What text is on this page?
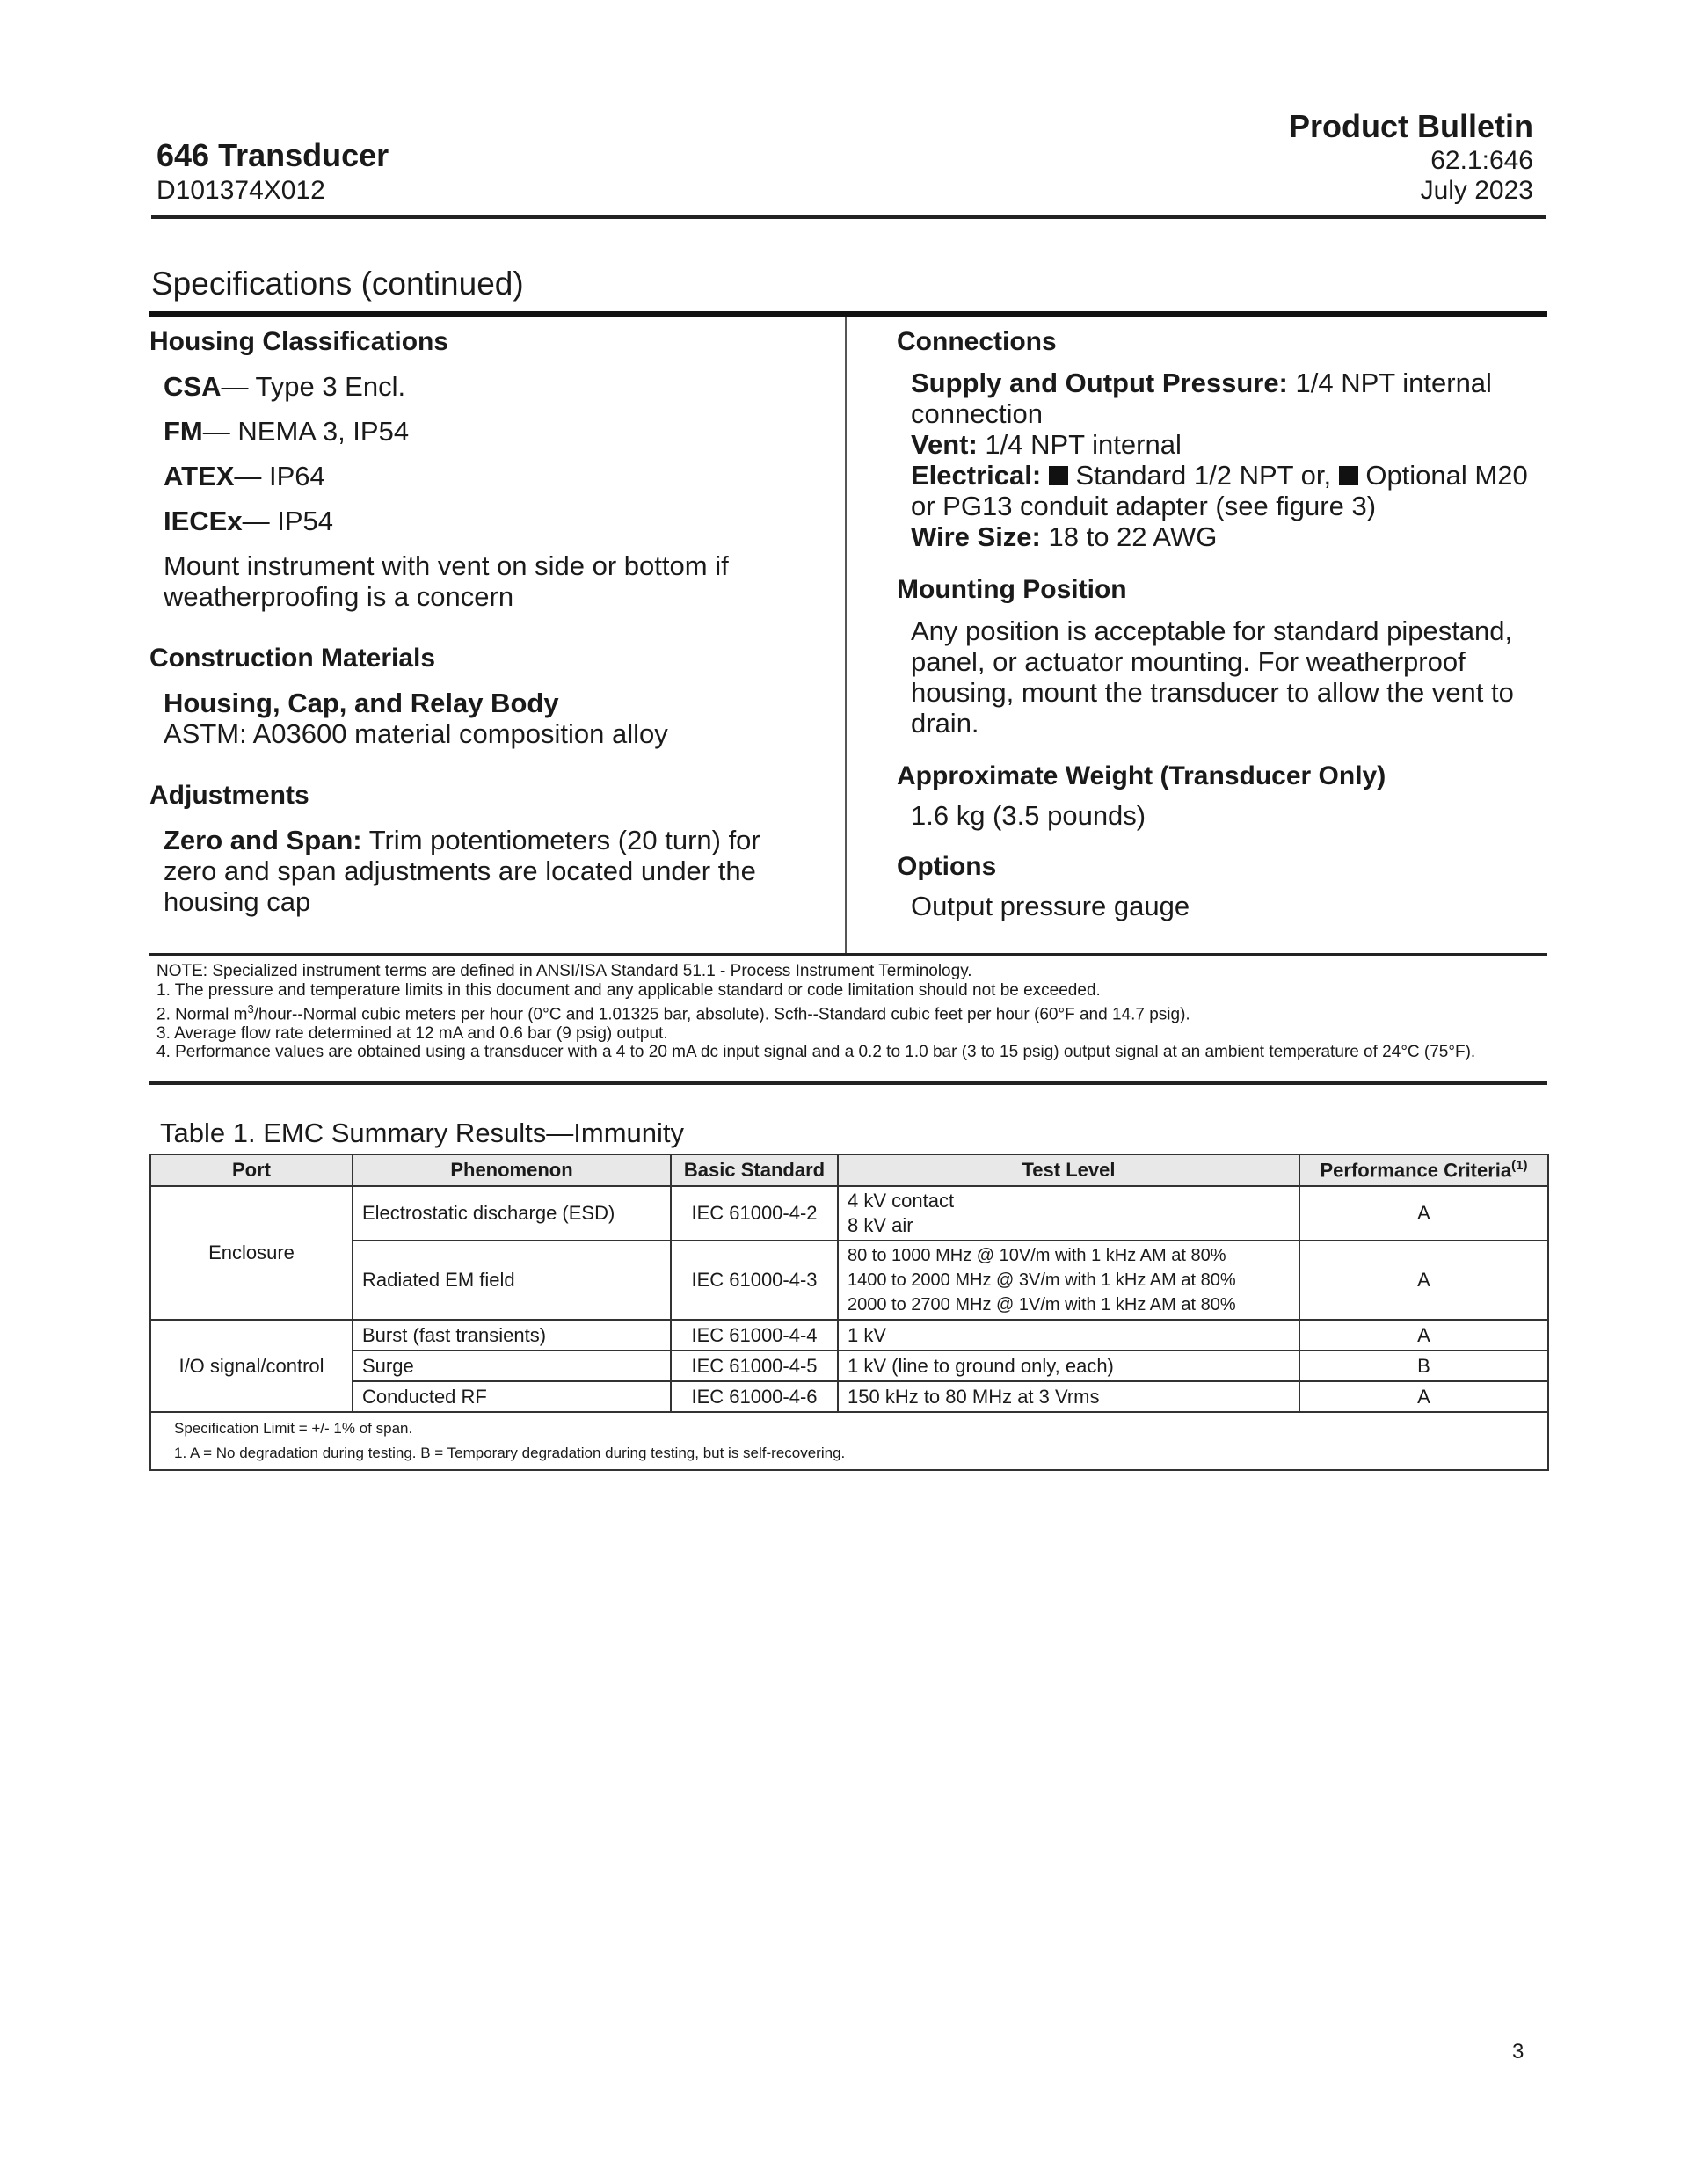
646 Transducer
D101374X012
Product Bulletin
62.1:646
July 2023
Specifications (continued)
Housing Classifications
CSA— Type 3 Encl.
FM— NEMA 3, IP54
ATEX— IP64
IECEx— IP54
Mount instrument with vent on side or bottom if weatherproofing is a concern
Construction Materials
Housing, Cap, and Relay Body
ASTM: A03600 material composition alloy
Adjustments
Zero and Span: Trim potentiometers (20 turn) for zero and span adjustments are located under the housing cap
Connections
Supply and Output Pressure: 1/4 NPT internal connection
Vent: 1/4 NPT internal
Electrical:  Standard 1/2 NPT or,  Optional M20 or PG13 conduit adapter (see figure 3)
Wire Size: 18 to 22 AWG
Mounting Position
Any position is acceptable for standard pipestand, panel, or actuator mounting. For weatherproof housing, mount the transducer to allow the vent to drain.
Approximate Weight (Transducer Only)
1.6 kg (3.5 pounds)
Options
Output pressure gauge
NOTE: Specialized instrument terms are defined in ANSI/ISA Standard 51.1 - Process Instrument Terminology.
1. The pressure and temperature limits in this document and any applicable standard or code limitation should not be exceeded.
2. Normal $m^3/hour-$-Normal cubic meters per hour (0°C and 1.01325 bar, absolute). Scfh--Standard cubic feet per hour (60°F and 14.7 psig).
3. Average flow rate determined at 12 mA and 0.6 bar (9 psig) output.
4. Performance values are obtained using a transducer with a 4 to 20 mA dc input signal and a 0.2 to 1.0 bar (3 to 15 psig) output signal at an ambient temperature of 24°C (75°F).
Table 1. EMC Summary Results—Immunity
Port	Phenomenon	Basic Standard	Test Level	Performance Criteria$^{(1)}$
Enclosure	Electrostatic discharge (ESD)	IEC 61000-4-2	4 kV contact
8 kV air	A
	Radiated EM field	IEC 61000-4-3	80 to 1000 MHz @ 10V/m with 1 kHz AM at 80%
1400 to 2000 MHz @ 3V/m with 1 kHz AM at 80%
2000 to 2700 MHz @ 1V/m with 1 kHz AM at 80%	A
I/O signal/control	Burst (fast transients)	IEC 61000-4-4	1 kV	A
	Surge	IEC 61000-4-5	1 kV (line to ground only, each)	B
	Conducted RF	IEC 61000-4-6	150 kHz to 80 MHz at 3 Vrms	A

Specification Limit = +/- 1% of span.
1. A = No degradation during testing. B = Temporary degradation during testing, but is self-recovering.				
3
